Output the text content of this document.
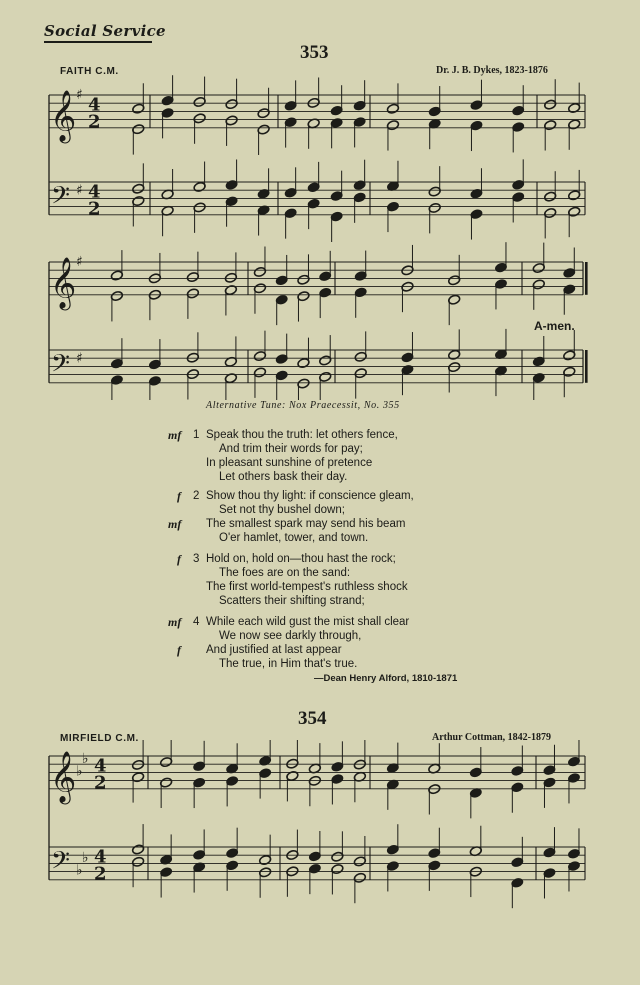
Social Service
353
FAITH C.M.	Dr. J. B. Dykes, 1823-1876
𝄞
𝄢
♯
♯
4
2
4
2
𝄞
𝄢
♯
♯
A-men.
Alternative Tune: Nox Praecessit, No. 355
mf 1 Speak thou the truth: let others fence,
And trim their words for pay;
In pleasant sunshine of pretence
Let others bask their day.
f 2 Show thou thy light: if conscience gleam,
Set not thy bushel down;
mf The smallest spark may send his beam
O'er hamlet, tower, and town.
f 3 Hold on, hold on—thou hast the rock;
The foes are on the sand:
The first world-tempest's ruthless shock
Scatters their shifting strand;
mf 4 While each wild gust the mist shall clear
We now see darkly through,
f And justified at last appear
The true, in Him that's true.
—Dean Henry Alford, 1810-1871
354
MIRFIELD C.M.	Arthur Cottman, 1842-1879
𝄞
𝄢
♭
♭
♭
♭
4
2
4
2
